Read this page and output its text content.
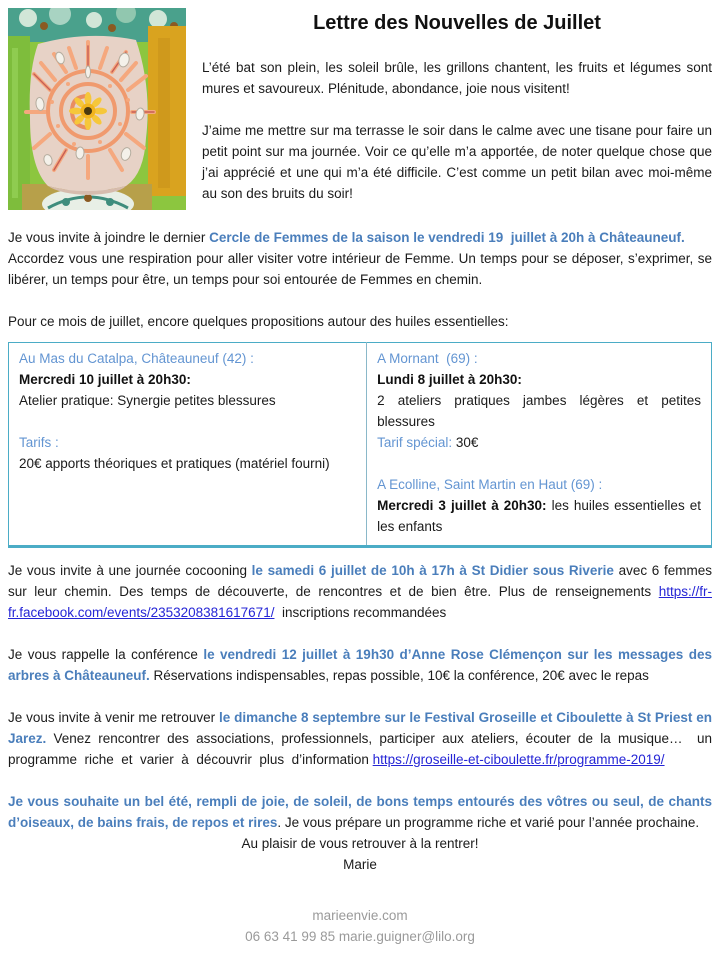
Lettre des Nouvelles de Juillet

L’été bat son plein, les soleil brûle, les grillons chantent, les fruits et légumes sont mures et savoureux. Plénitude, abondance, joie nous visitent!

J’aime me mettre sur ma terrasse le soir dans le calme avec une tisane pour faire un petit point sur ma journée. Voir ce qu’elle m’a apportée, de noter quelque chose que j’ai apprécié et une qui m’a été difficile. C’est comme un petit bilan avec moi-même au son des bruits du soir!

Je vous invite à joindre le dernier Cercle de Femmes de la saison le vendredi 19  juillet à 20h à Châteauneuf.

Accordez vous une respiration pour aller visiter votre intérieur de Femme. Un temps pour se déposer, s’exprimer, se libérer, un temps pour être, un temps pour soi entourée de Femmes en chemin.

Pour ce mois de juillet, encore quelques propositions autour des huiles essentielles:

Au Mas du Catalpa, Châteauneuf (42) :
Mercredi 10 juillet à 20h30:
Atelier pratique: Synergie petites blessures
Tarifs :
20€ apports théoriques et pratiques (matériel fourni)

A Mornant  (69) :
Lundi 8 juillet à 20h30:
2 ateliers pratiques jambes légères et petites blessures
Tarif spécial: 30€
A Ecolline, Saint Martin en Haut (69) :
Mercredi 3 juillet à 20h30: les huiles essentielles et les enfants

Je vous invite à une journée cocooning le samedi 6 juillet de 10h à 17h à St Didier sous Riverie avec 6 femmes sur leur chemin. Des temps de découverte, de rencontres et de bien être. Plus de renseignements https://fr-fr.facebook.com/events/2353208381617671/  inscriptions recommandées

Je vous rappelle la conférence le vendredi 12 juillet à 19h30 d’Anne Rose Clémençon sur les messages des arbres à Châteauneuf. Réservations indispensables, repas possible, 10€ la conférence, 20€ avec le repas

Je vous invite à venir me retrouver le dimanche 8 septembre sur le Festival Groseille et Ciboulette à St Priest en Jarez. Venez rencontrer des associations, professionnels, participer aux ateliers, écouter de la musique…  un  programme  riche  et  varier  à  découvrir  plus  d’information https://groseille-et-ciboulette.fr/programme-2019/

Je vous souhaite un bel été, rempli de joie, de soleil, de bons temps entourés des vôtres ou seul, de chants d’oiseaux, de bains frais, de repos et rires. Je vous prépare un programme riche et varié pour l’année prochaine.

Au plaisir de vous retrouver à la rentrer!

Marie

marieenvie.com
06 63 41 99 85 marie.guigner@lilo.org
